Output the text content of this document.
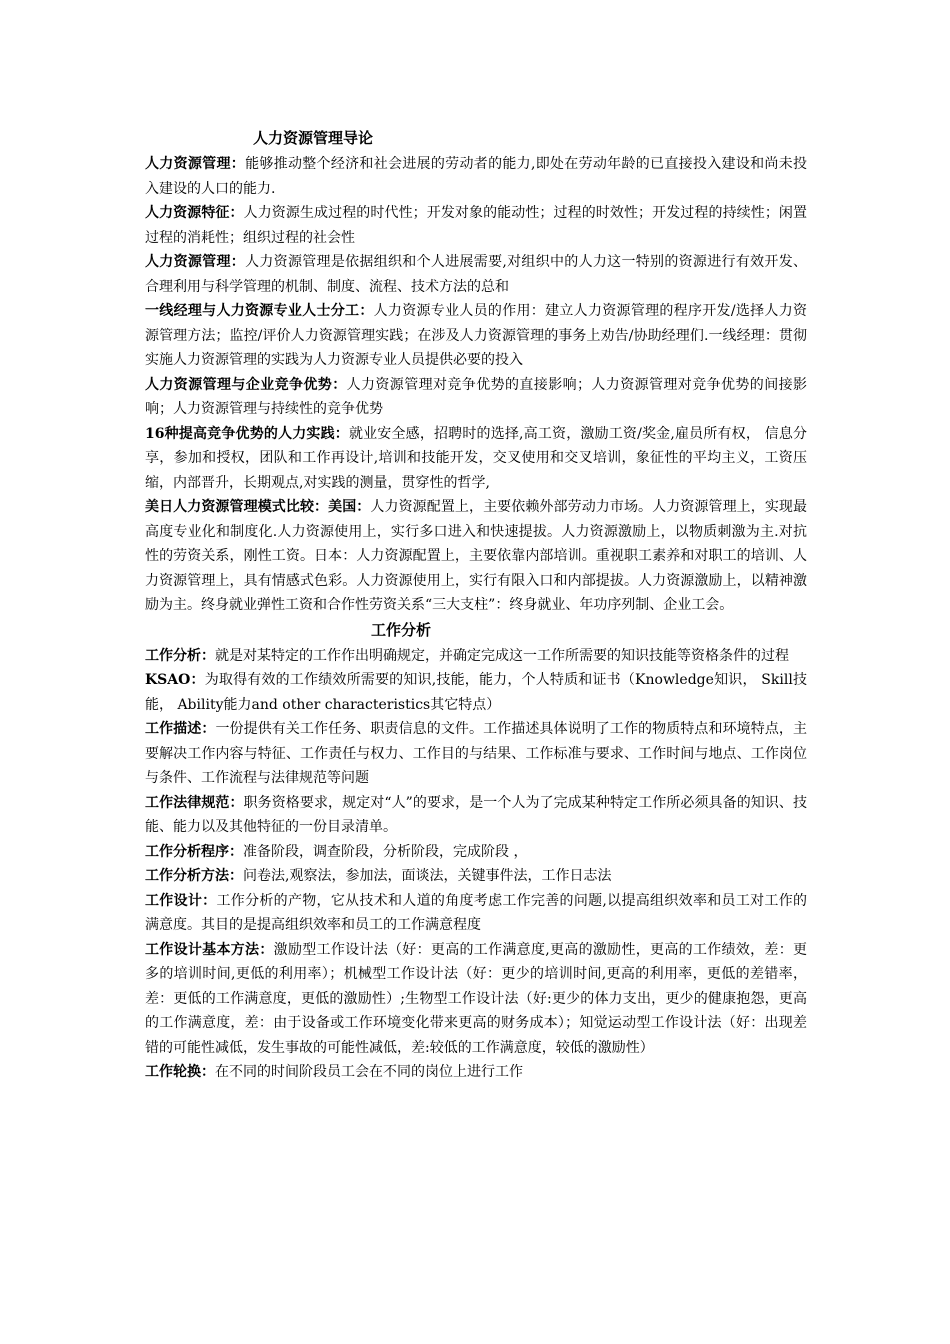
人力资源管理导论

人力资源管理：能够推动整个经济和社会进展的劳动者的能力,即处在劳动年龄的已直接投入建设和尚未投入建设的人口的能力.

人力资源特征：人力资源生成过程的时代性；开发对象的能动性；过程的时效性；开发过程的持续性；闲置过程的消耗性；组织过程的社会性

人力资源管理：人力资源管理是依据组织和个人进展需要,对组织中的人力这一特别的资源进行有效开发、合理利用与科学管理的机制、制度、流程、技术方法的总和

一线经理与人力资源专业人士分工：人力资源专业人员的作用：建立人力资源管理的程序开发/选择人力资源管理方法；监控/评价人力资源管理实践；在涉及人力资源管理的事务上劝告/协助经理们.一线经理：贯彻实施人力资源管理的实践为人力资源专业人员提供必要的投入

人力资源管理与企业竞争优势：人力资源管理对竞争优势的直接影响；人力资源管理对竞争优势的间接影响；人力资源管理与持续性的竞争优势

16种提高竞争优势的人力实践：就业安全感，招聘时的选择,高工资，激励工资/奖金,雇员所有权， 信息分享，参加和授权，团队和工作再设计,培训和技能开发，交叉使用和交叉培训，象征性的平均主义，工资压缩，内部晋升，长期观点,对实践的测量，贯穿性的哲学,

美日人力资源管理模式比较：美国：人力资源配置上，主要依赖外部劳动力市场。人力资源管理上，实现最高度专业化和制度化.人力资源使用上，实行多口进入和快速提拔。人力资源激励上，以物质刺激为主.对抗性的劳资关系，刚性工资。日本：人力资源配置上，主要依靠内部培训。重视职工素养和对职工的培训、人力资源管理上，具有情感式色彩。人力资源使用上，实行有限入口和内部提拔。人力资源激励上，以精神激励为主。终身就业弹性工资和合作性劳资关系“三大支柱”：终身就业、年功序列制、企业工会。

工作分析

工作分析：就是对某特定的工作作出明确规定，并确定完成这一工作所需要的知识技能等资格条件的过程

KSAO：为取得有效的工作绩效所需要的知识,技能，能力，个人特质和证书（Knowledge知识， Skill技能， Ability能力and other characteristics其它特点）

工作描述：一份提供有关工作任务、职责信息的文件。工作描述具体说明了工作的物质特点和环境特点，主要解决工作内容与特征、工作责任与权力、工作目的与结果、工作标准与要求、工作时间与地点、工作岗位与条件、工作流程与法律规范等问题

工作法律规范：职务资格要求，规定对“人”的要求，是一个人为了完成某种特定工作所必须具备的知识、技能、能力以及其他特征的一份目录清单。

工作分析程序：准备阶段，调查阶段，分析阶段，完成阶段 ，

工作分析方法：问卷法,观察法，参加法，面谈法，关键事件法，工作日志法

工作设计：工作分析的产物，它从技术和人道的角度考虑工作完善的问题,以提高组织效率和员工对工作的满意度。其目的是提高组织效率和员工的工作满意程度

工作设计基本方法：激励型工作设计法（好：更高的工作满意度,更高的激励性，更高的工作绩效，差：更多的培训时间,更低的利用率）；机械型工作设计法（好：更少的培训时间,更高的利用率，更低的差错率，差：更低的工作满意度，更低的激励性）;生物型工作设计法（好:更少的体力支出，更少的健康抱怨，更高的工作满意度，差：由于设备或工作环境变化带来更高的财务成本）；知觉运动型工作设计法（好：出现差错的可能性减低，发生事故的可能性减低，差:较低的工作满意度，较低的激励性）

工作轮换：在不同的时间阶段员工会在不同的岗位上进行工作
